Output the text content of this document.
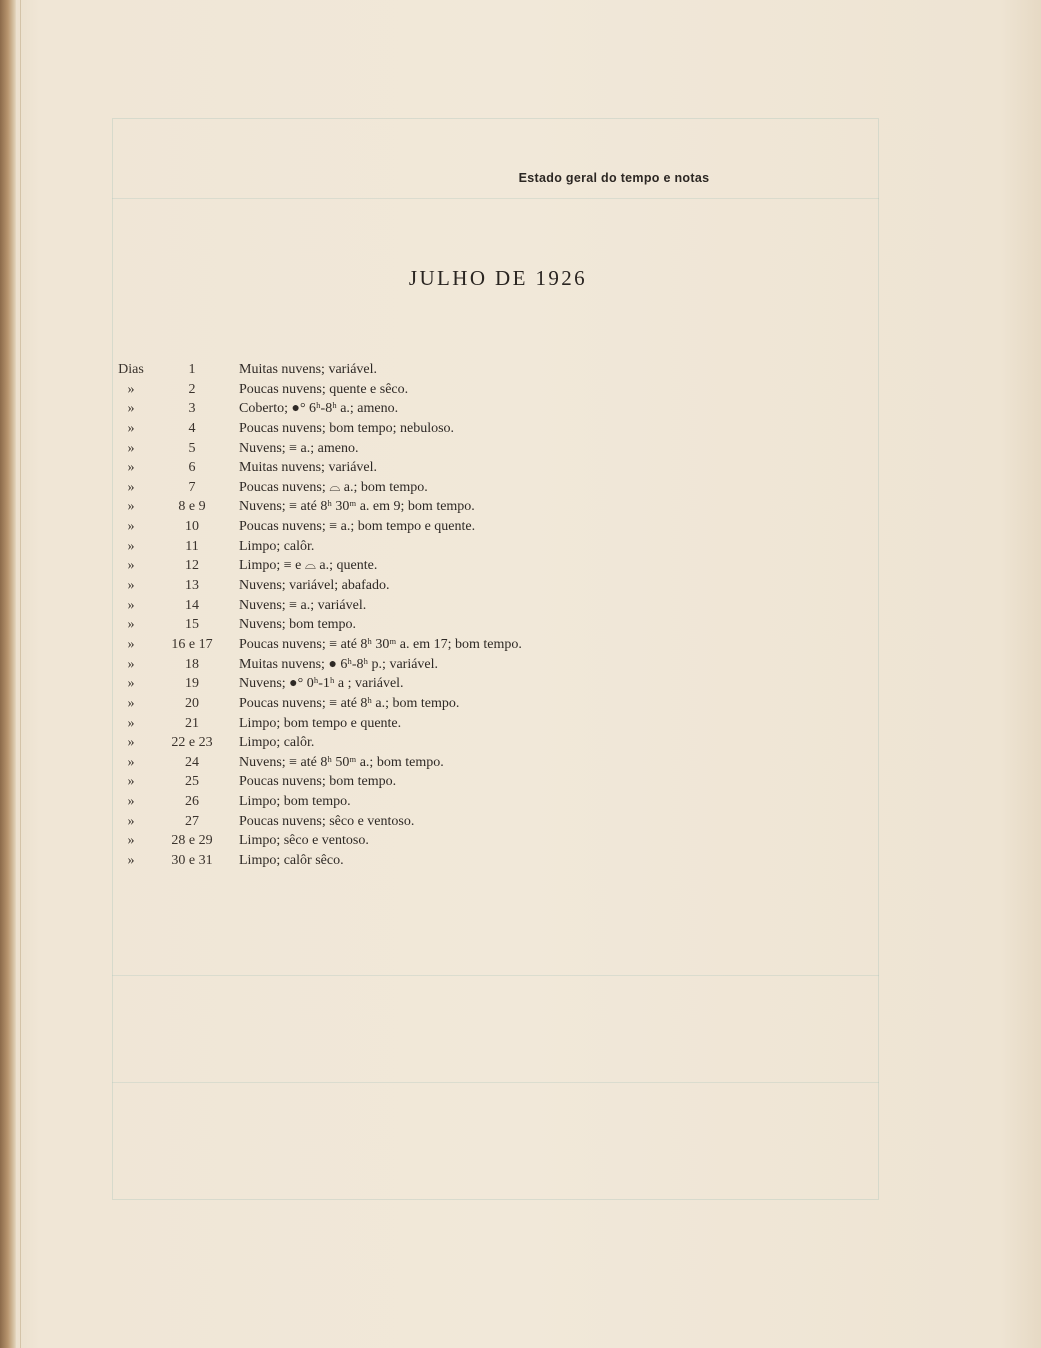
Estado geral do tempo e notas
JULHO DE 1926
Dias	1	Muitas nuvens; variável.
»	2	Poucas nuvens; quente e sêco.
»	3	Coberto; ●° 6ʰ-8ʰ a.; ameno.
»	4	Poucas nuvens; bom tempo; nebuloso.
»	5	Nuvens; ≡ a.; ameno.
»	6	Muitas nuvens; variável.
»	7	Poucas nuvens; ⌓ a.; bom tempo.
»	8 e 9	Nuvens; ≡ até 8ʰ 30ᵐ a. em 9; bom tempo.
»	10	Poucas nuvens; ≡ a.; bom tempo e quente.
»	11	Limpo; calôr.
»	12	Limpo; ≡ e ⌓ a.; quente.
»	13	Nuvens; variável; abafado.
»	14	Nuvens; ≡ a.; variável.
»	15	Nuvens; bom tempo.
»	16 e 17	Poucas nuvens; ≡ até 8ʰ 30ᵐ a. em 17; bom tempo.
»	18	Muitas nuvens; ● 6ʰ-8ʰ p.; variável.
»	19	Nuvens; ●° 0ʰ-1ʰ a ; variável.
»	20	Poucas nuvens; ≡ até 8ʰ a.; bom tempo.
»	21	Limpo; bom tempo e quente.
»	22 e 23	Limpo; calôr.
»	24	Nuvens; ≡ até 8ʰ 50ᵐ a.; bom tempo.
»	25	Poucas nuvens; bom tempo.
»	26	Limpo; bom tempo.
»	27	Poucas nuvens; sêco e ventoso.
»	28 e 29	Limpo; sêco e ventoso.
»	30 e 31	Limpo; calôr sêco.
